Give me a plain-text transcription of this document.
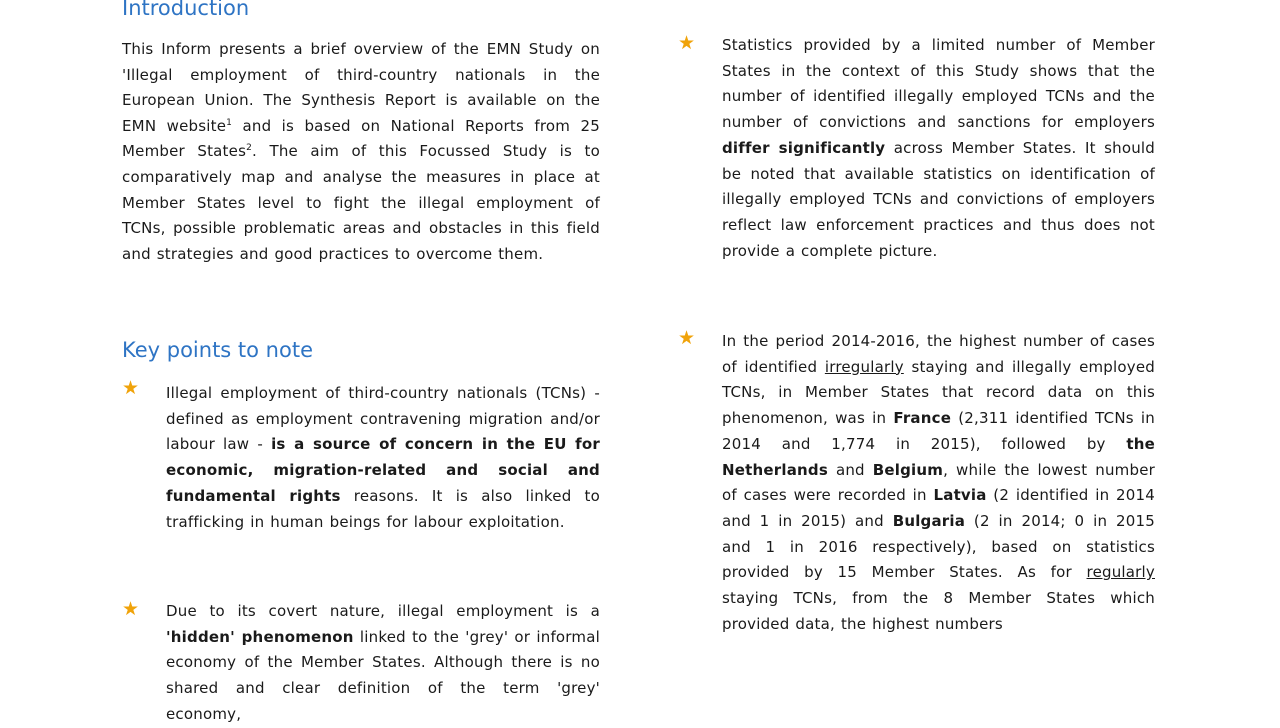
Introduction

This Inform presents a brief overview of the EMN Study on 'Illegal employment of third-country nationals in the European Union. The Synthesis Report is available on the EMN website$^1$ and is based on National Reports from 25 Member States$^2$. The aim of this Focussed Study is to comparatively map and analyse the measures in place at Member States level to fight the illegal employment of TCNs, possible problematic areas and obstacles in this field and strategies and good practices to overcome them.

Key points to note
★ Illegal employment of third-country nationals (TCNs) - defined as employment contravening migration and/or labour law - is a source of concern in the EU for economic, migration-related and social and fundamental rights reasons. It is also linked to trafficking in human beings for labour exploitation.

★ Due to its covert nature, illegal employment is a 'hidden' phenomenon linked to the 'grey' or informal economy of the Member States. Although there is no shared and clear definition of the term 'grey' economy,

★ Statistics provided by a limited number of Member States in the context of this Study shows that the number of identified illegally employed TCNs and the number of convictions and sanctions for employers differ significantly across Member States. It should be noted that available statistics on identification of illegally employed TCNs and convictions of employers reflect law enforcement practices and thus does not provide a complete picture.

★ In the period 2014-2016, the highest number of cases of identified irregularly staying and illegally employed TCNs, in Member States that record data on this phenomenon, was in France (2,311 identified TCNs in 2014 and 1,774 in 2015), followed by the Netherlands and Belgium, while the lowest number of cases were recorded in Latvia (2 identified in 2014 and 1 in 2015) and Bulgaria (2 in 2014; 0 in 2015 and 1 in 2016 respectively), based on statistics provided by 15 Member States. As for regularly staying TCNs, from the 8 Member States which provided data, the highest numbers
